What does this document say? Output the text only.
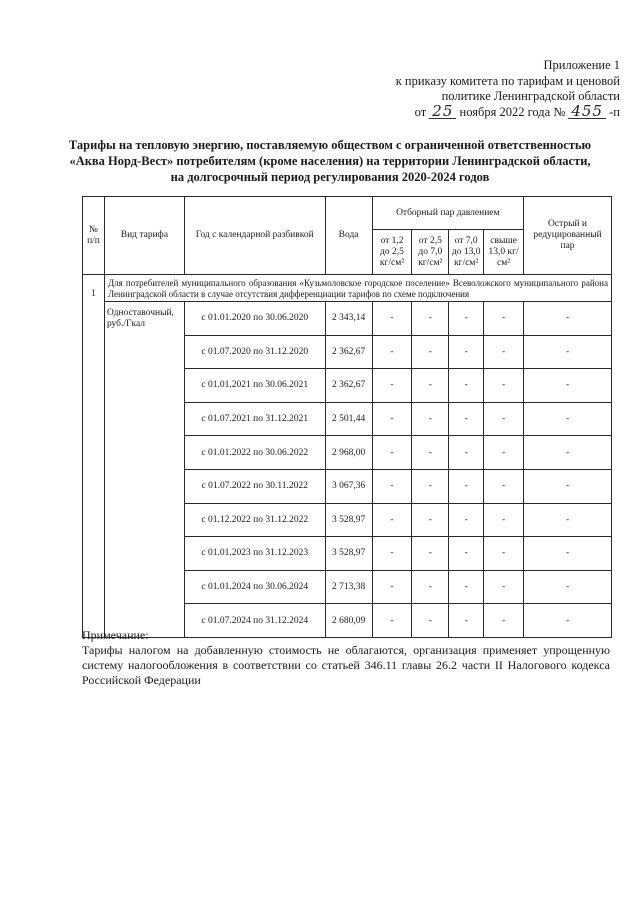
Приложение 1
к приказу комитета по тарифам и ценовой
политике Ленинградской области
от 25 ноября 2022 года № 455 -п
Тарифы на тепловую энергию, поставляемую обществом с ограниченной ответственностью
«Аква Норд-Вест» потребителям (кроме населения) на территории Ленинградской области,
на долгосрочный период регулирования 2020-2024 годов
№ п/п	Вид тарифа	Год с календарной разбивкой	Вода	Отборный пар давлением				Острый и редуцированный пар
				от 1,2 до 2,5 кг/см²	от 2,5 до 7,0 кг/см²	от 7,0 до 13,0 кг/см²	свыше 13,0 кг/см²	
1	Для потребителей муниципального образования «Кузьмоловское городское поселение» Всеволожского муниципального района Ленинградской области в случае отсутствия дифференциации тарифов по схеме подключения							
	Одноставочный, руб./Гкал	с 01.01.2020 по 30.06.2020	2 343,14	-	-	-	-	-
		с 01.07.2020 по 31.12.2020	2 362,67	-	-	-	-	-
		с 01.01.2021 по 30.06.2021	2 362,67	-	-	-	-	-
		с 01.07.2021 по 31.12.2021	2 501,44	-	-	-	-	-
		с 01.01.2022 по 30.06.2022	2 968,00	-	-	-	-	-
		с 01.07.2022 по 30.11.2022	3 067,36	-	-	-	-	-
		с 01.12.2022 по 31.12.2022	3 528,97	-	-	-	-	-
		с 01.01.2023 по 31.12.2023	3 528,97	-	-	-	-	-
		с 01.01.2024 по 30.06.2024	2 713,38	-	-	-	-	-
		с 01.07.2024 по 31.12.2024	2 680,09	-	-	-	-	-
Примечание:
Тарифы налогом на добавленную стоимость не облагаются, организация применяет упрощенную систему налогообложения в соответствии со статьей 346.11 главы 26.2 части II Налогового кодекса Российской Федерации
